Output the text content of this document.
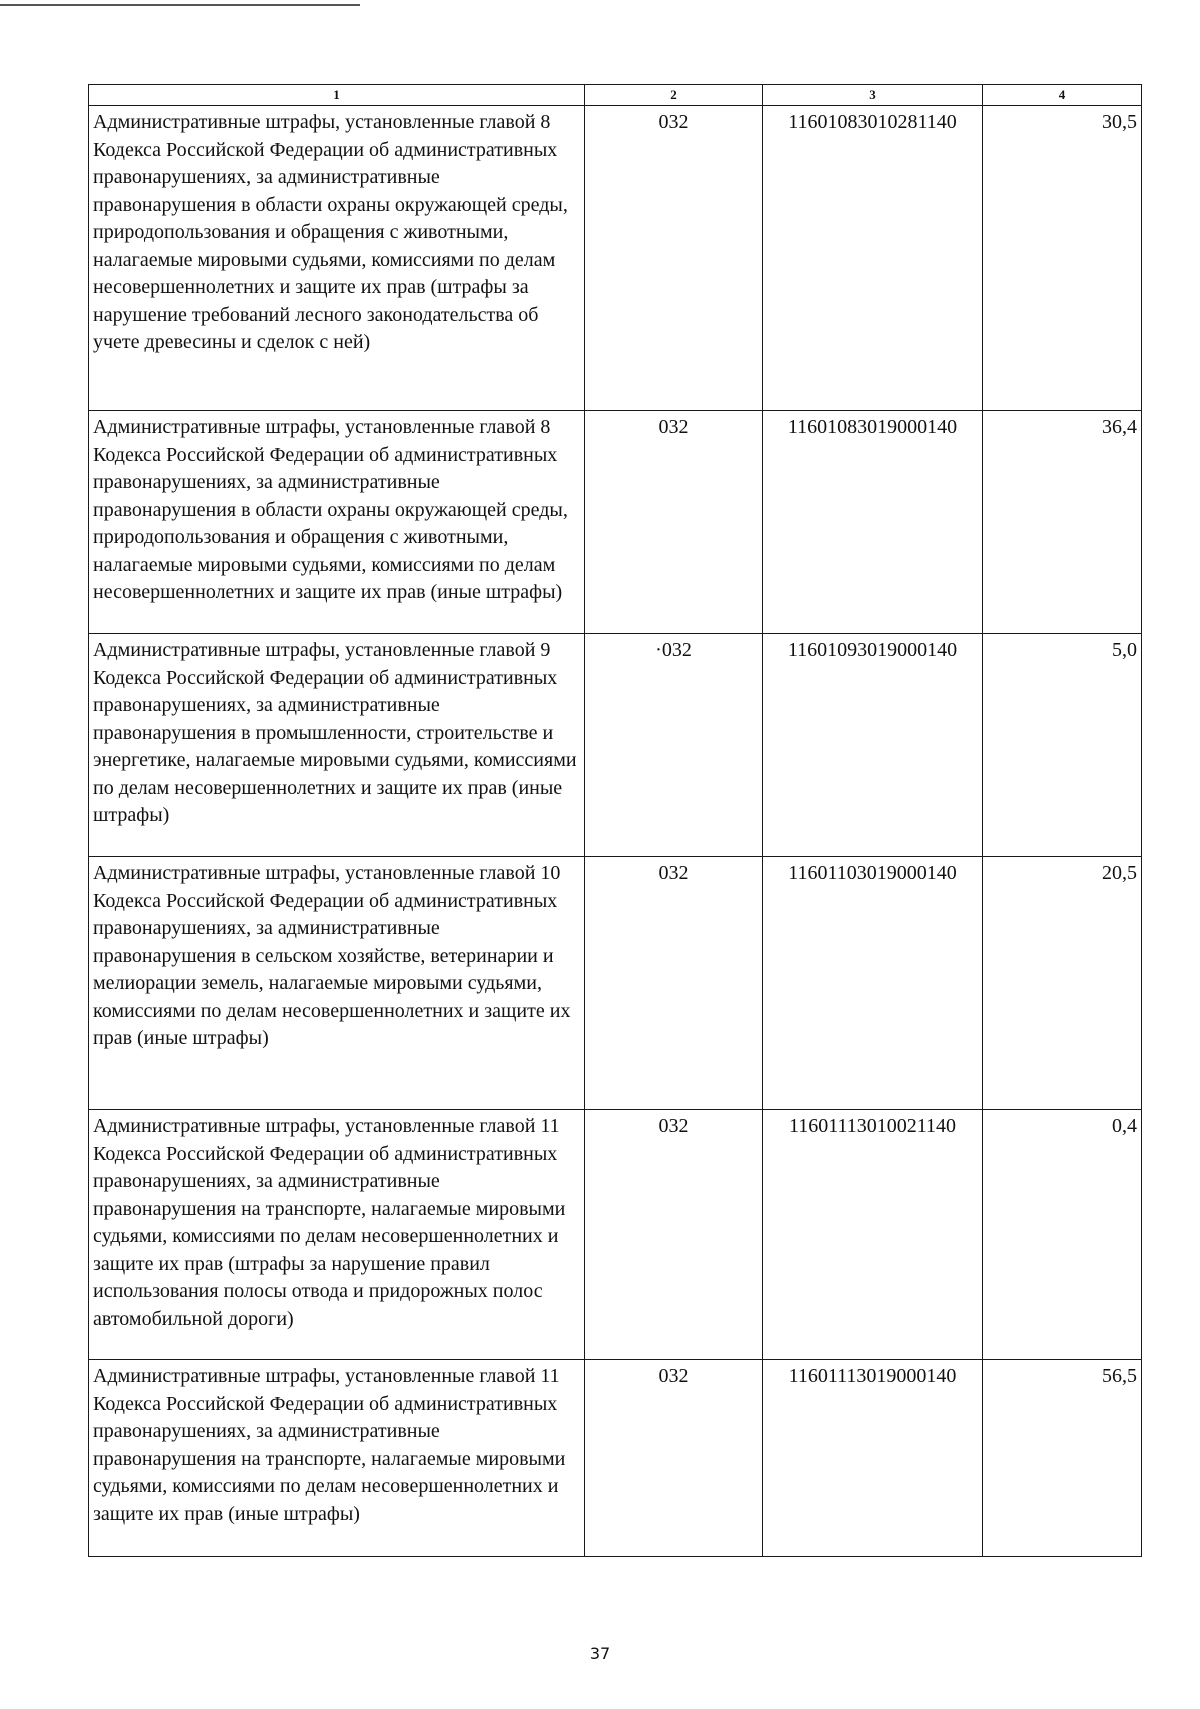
1	2	3	4
Административные штрафы, установленные главой 8 Кодекса Российской Федерации об административных правонарушениях, за административные правонарушения в области охраны окружающей среды, природопользования и обращения с животными, налагаемые мировыми судьями, комиссиями по делам несовершеннолетних и защите их прав (штрафы за нарушение требований лесного законодательства об учете древесины и сделок с ней)	032	11601083010281140	30,5
Административные штрафы, установленные главой 8 Кодекса Российской Федерации об административных правонарушениях, за административные правонарушения в области охраны окружающей среды, природопользования и обращения с животными, налагаемые мировыми судьями, комиссиями по делам несовершеннолетних и защите их прав (иные штрафы)	032	11601083019000140	36,4
Административные штрафы, установленные главой 9 Кодекса Российской Федерации об административных правонарушениях, за административные правонарушения в промышленности, строительстве и энергетике, налагаемые мировыми судьями, комиссиями по делам несовершеннолетних и защите их прав (иные штрафы)	·032	11601093019000140	5,0
Административные штрафы, установленные главой 10 Кодекса Российской Федерации об административных правонарушениях, за административные правонарушения в сельском хозяйстве, ветеринарии и мелиорации земель, налагаемые мировыми судьями, комиссиями по делам несовершеннолетних и защите их прав (иные штрафы)	032	11601103019000140	20,5
Административные штрафы, установленные главой 11 Кодекса Российской Федерации об административных правонарушениях, за административные правонарушения на транспорте, налагаемые мировыми судьями, комиссиями по делам несовершеннолетних и защите их прав (штрафы за нарушение правил использования полосы отвода и придорожных полос автомобильной дороги)	032	11601113010021140	0,4
Административные штрафы, установленные главой 11 Кодекса Российской Федерации об административных правонарушениях, за административные правонарушения на транспорте, налагаемые мировыми судьями, комиссиями по делам несовершеннолетних и защите их прав (иные штрафы)	032	11601113019000140	56,5
37
